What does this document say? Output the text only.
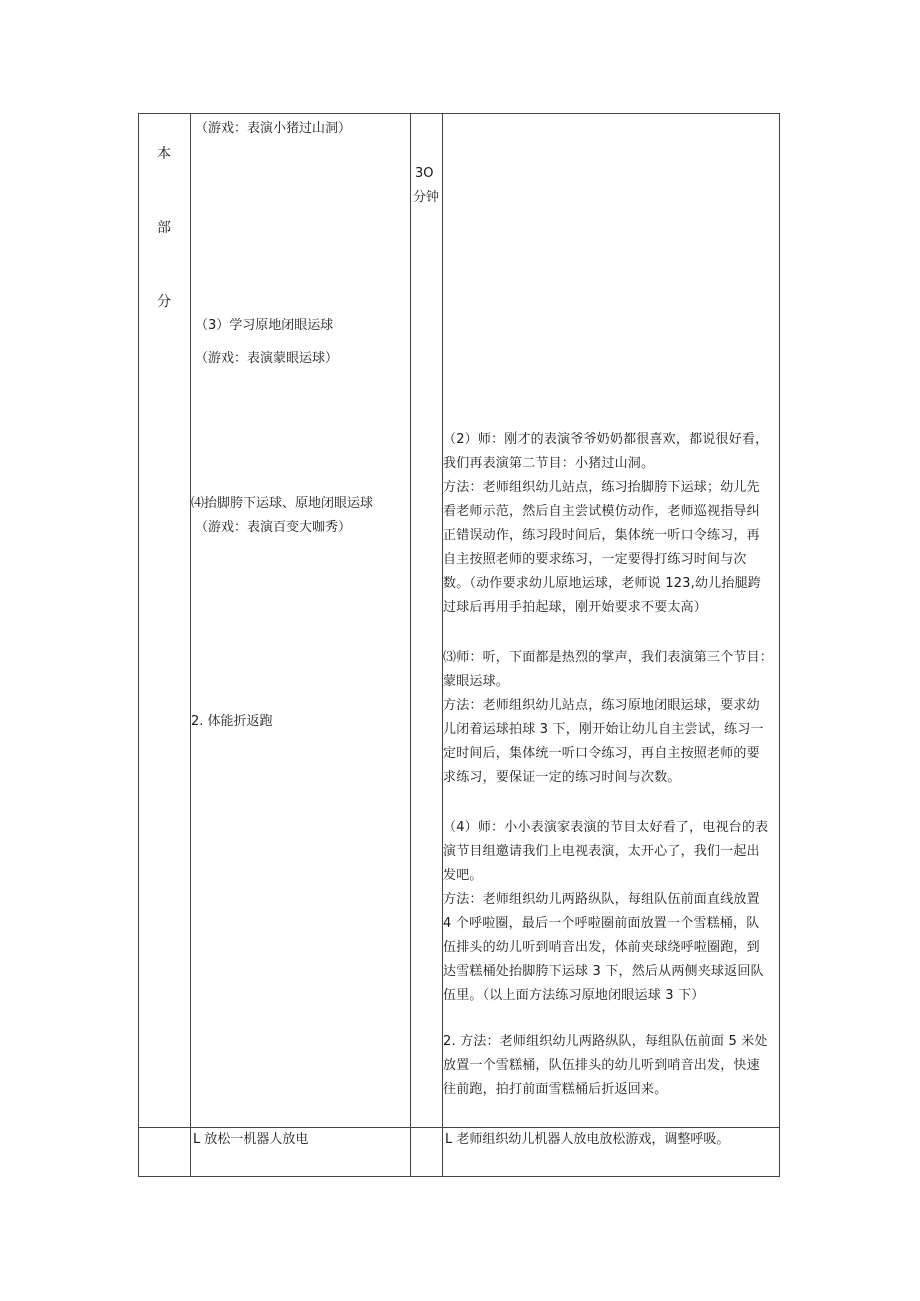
本
部
分
（游戏：表演小猪过山洞）
（3）学习原地闭眼运球
（游戏：表演蒙眼运球）
⑷抬脚胯下运球、原地闭眼运球
（游戏：表演百变大咖秀）
2. 体能折返跑
L 放松一机器人放电
3O
分钟
（2）师：刚才的表演爷爷奶奶都很喜欢，都说很好看，
我们再表演第二节目：小猪过山洞。
方法：老师组织幼儿站点，练习抬脚胯下运球；幼儿先
看老师示范，然后自主尝试模仿动作，老师巡视指导纠
正错误动作，练习段时间后，集体统一听口令练习，再
自主按照老师的要求练习，一定要得打练习时间与次
数。（动作要求幼儿原地运球，老师说 123,幼儿抬腿跨
过球后再用手拍起球，刚开始要求不要太高）
⑶师：听，下面都是热烈的掌声，我们表演第三个节目：
蒙眼运球。
方法：老师组织幼儿站点，练习原地闭眼运球，要求幼
儿闭着运球拍球 3 下，刚开始让幼儿自主尝试，练习一
定时间后，集体统一听口令练习，再自主按照老师的要
求练习，要保证一定的练习时间与次数。
（4）师：小小表演家表演的节目太好看了，电视台的表
演节目组邀请我们上电视表演，太开心了，我们一起出
发吧。
方法：老师组织幼儿两路纵队，每组队伍前面直线放置
4 个呼啦圈，最后一个呼啦圈前面放置一个雪糕桶，队
伍排头的幼儿听到哨音出发，体前夹球绕呼啦圈跑，到
达雪糕桶处抬脚胯下运球 3 下，然后从两侧夹球返回队
伍里。（以上面方法练习原地闭眼运球 3 下）
2. 方法：老师组织幼儿两路纵队，每组队伍前面 5 米处
放置一个雪糕桶，队伍排头的幼儿听到哨音出发，快速
往前跑，拍打前面雪糕桶后折返回来。
L 老师组织幼儿机器人放电放松游戏，调整呼吸。
